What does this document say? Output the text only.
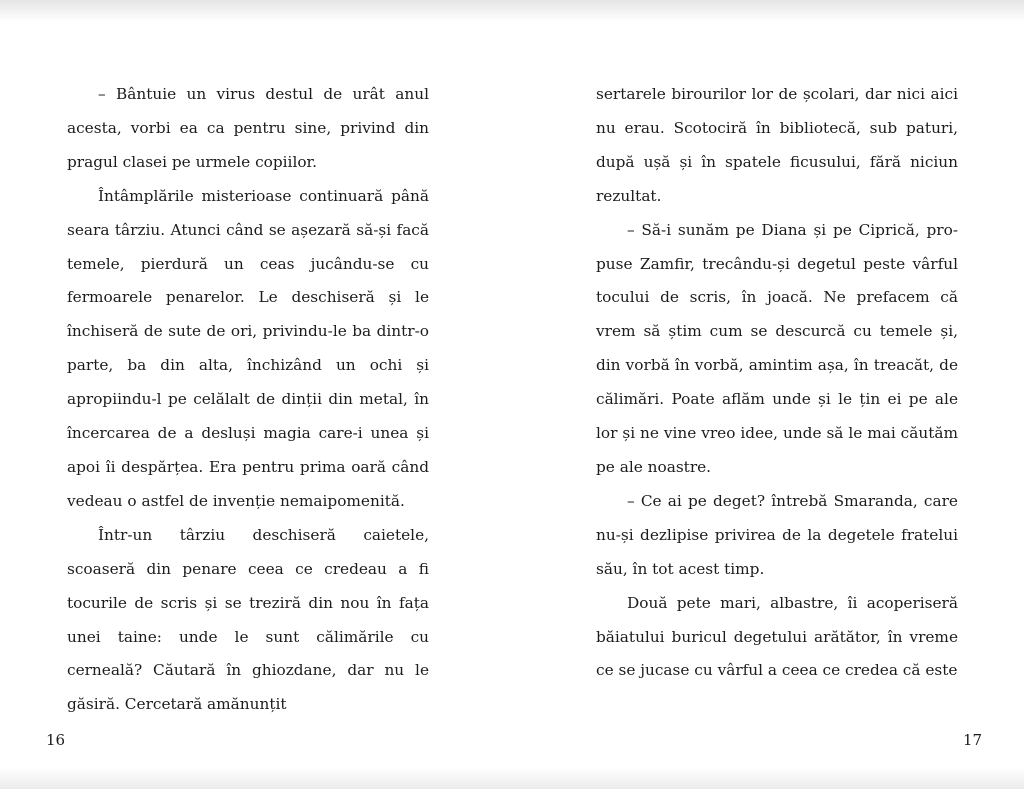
– Bântuie un virus destul de urât anul acesta, vorbi ea ca pentru sine, privind din pragul clasei pe urmele copiilor.

Întâmplările misterioase continuară până seara târziu. Atunci când se așezară să-și facă temele, pierdură un ceas jucându-se cu fermoarele penarelor. Le deschiseră și le închiseră de sute de ori, privindu-le ba dintr-o parte, ba din alta, închizând un ochi și apropiindu-l pe celălalt de dinții din metal, în încercarea de a desluși magia care-i unea și apoi îi despărțea. Era pentru prima oară când vedeau o astfel de invenție nemaipomenită.

Într-un târziu deschiseră caietele, scoaseră din penare ceea ce credeau a fi tocurile de scris și se treziră din nou în fața unei taine: unde le sunt călimările cu cerneală? Căutară în ghiozdane, dar nu le găsiră. Cercetară amănunțit

sertarele birourilor lor de școlari, dar nici aici nu erau. Scotociră în bibliotecă, sub paturi, după ușă și în spatele ficusului, fără niciun rezultat.

– Să-i sunăm pe Diana și pe Ciprică, propuse Zamfir, trecându-și degetul peste vârful tocului de scris, în joacă. Ne prefacem că vrem să știm cum se descurcă cu temele și, din vorbă în vorbă, amintim așa, în treacăt, de călimări. Poate aflăm unde și le țin ei pe ale lor și ne vine vreo idee, unde să le mai căutăm pe ale noastre.

– Ce ai pe deget? întrebă Smaranda, care nu-și dezlipise privirea de la degetele fratelui său, în tot acest timp.

Două pete mari, albastre, îi acoperiseră băiatului buricul degetului arătător, în vreme ce se jucase cu vârful a ceea ce credea că este

16	17
